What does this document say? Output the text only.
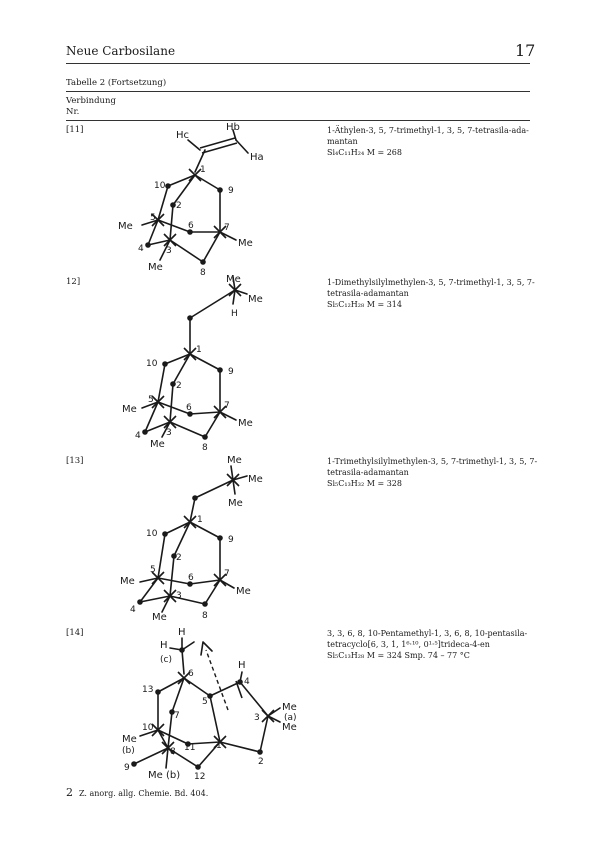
Neue Carbosilane	17
Tabelle 2 (Fortsetzung)
Verbindung
Nr.
[11]	1-Äthylen-3, 5, 7-trimethyl-1, 3, 5, 7-tetrasila-ada-
mantan
Si₄C₁₁H₂₄ M = 268
Hc
Hb
Ha
1
2
3
4
5
6	7
8
9
10
Me
Me
Me
12]	1-Dimethylsilylmethylen-3, 5, 7-trimethyl-1, 3, 5, 7-
tetrasila-adamantan
Si₅C₁₂H₂₈ M = 314
Me
Me
H
1
2
3
4
5
6	7
8
9
10
Me
Me
Me
[13]	1-Trimethylsilylmethylen-3, 5, 7-trimethyl-1, 3, 5, 7-
tetrasila-adamantan
Si₅C₁₃H₃₂ M = 328
Me
Me
Me
1
2
3
4
5
6	7
8
9
10
Me
Me
Me
[14]	3, 3, 6, 8, 10-Pentamethyl-1, 3, 6, 8, 10-pentasila-
tetracyclo[6, 3, 1, 1⁶·¹⁰, 0¹·⁵]trideca-4-en
Si₅C₁₃H₂₈ M = 324 Smp. 74 – 77 °C
H
H
(c)	H
1
2
3
4
5
6
7
8
9
10
11
12
13
Me
(a)
Me
Me
(b)
Me (b)
2 Z. anorg. allg. Chemie. Bd. 404.
